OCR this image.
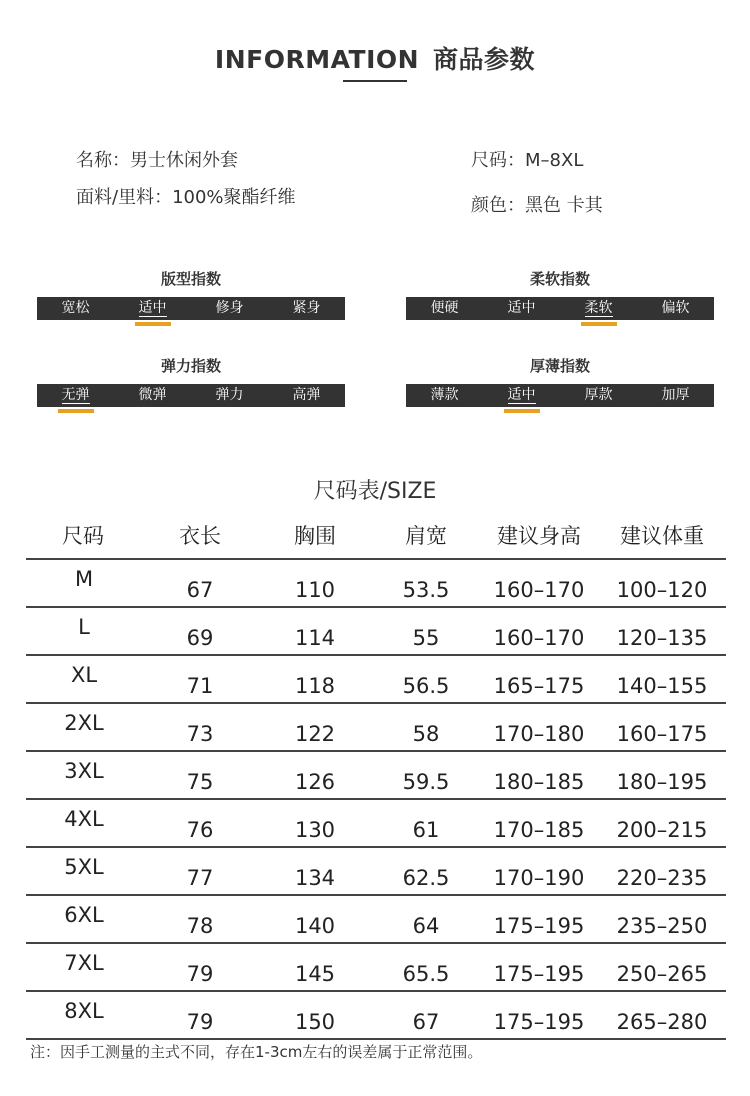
INFORMATION 商品参数
名称：男士休闲外套
面料/里料：100%聚酯纤维
尺码：M–8XL
颜色：黑色 卡其
版型指数
宽松	适中	修身	紧身
柔软指数
便硬	适中	柔软	偏软
弹力指数
无弹	微弹	弹力	高弹
厚薄指数
薄款	适中	厚款	加厚
尺码表/SIZE
尺码	衣长	胸围	肩宽	建议身高	建议体重
M	67	110	53.5	160–170	100–120
L	69	114	55	160–170	120–135
XL	71	118	56.5	165–175	140–155
2XL	73	122	58	170–180	160–175
3XL	75	126	59.5	180–185	180–195
4XL	76	130	61	170–185	200–215
5XL	77	134	62.5	170–190	220–235
6XL	78	140	64	175–195	235–250
7XL	79	145	65.5	175–195	250–265
8XL	79	150	67	175–195	265–280
注：因手工测量的主式不同，存在1-3cm左右的误差属于正常范围。
